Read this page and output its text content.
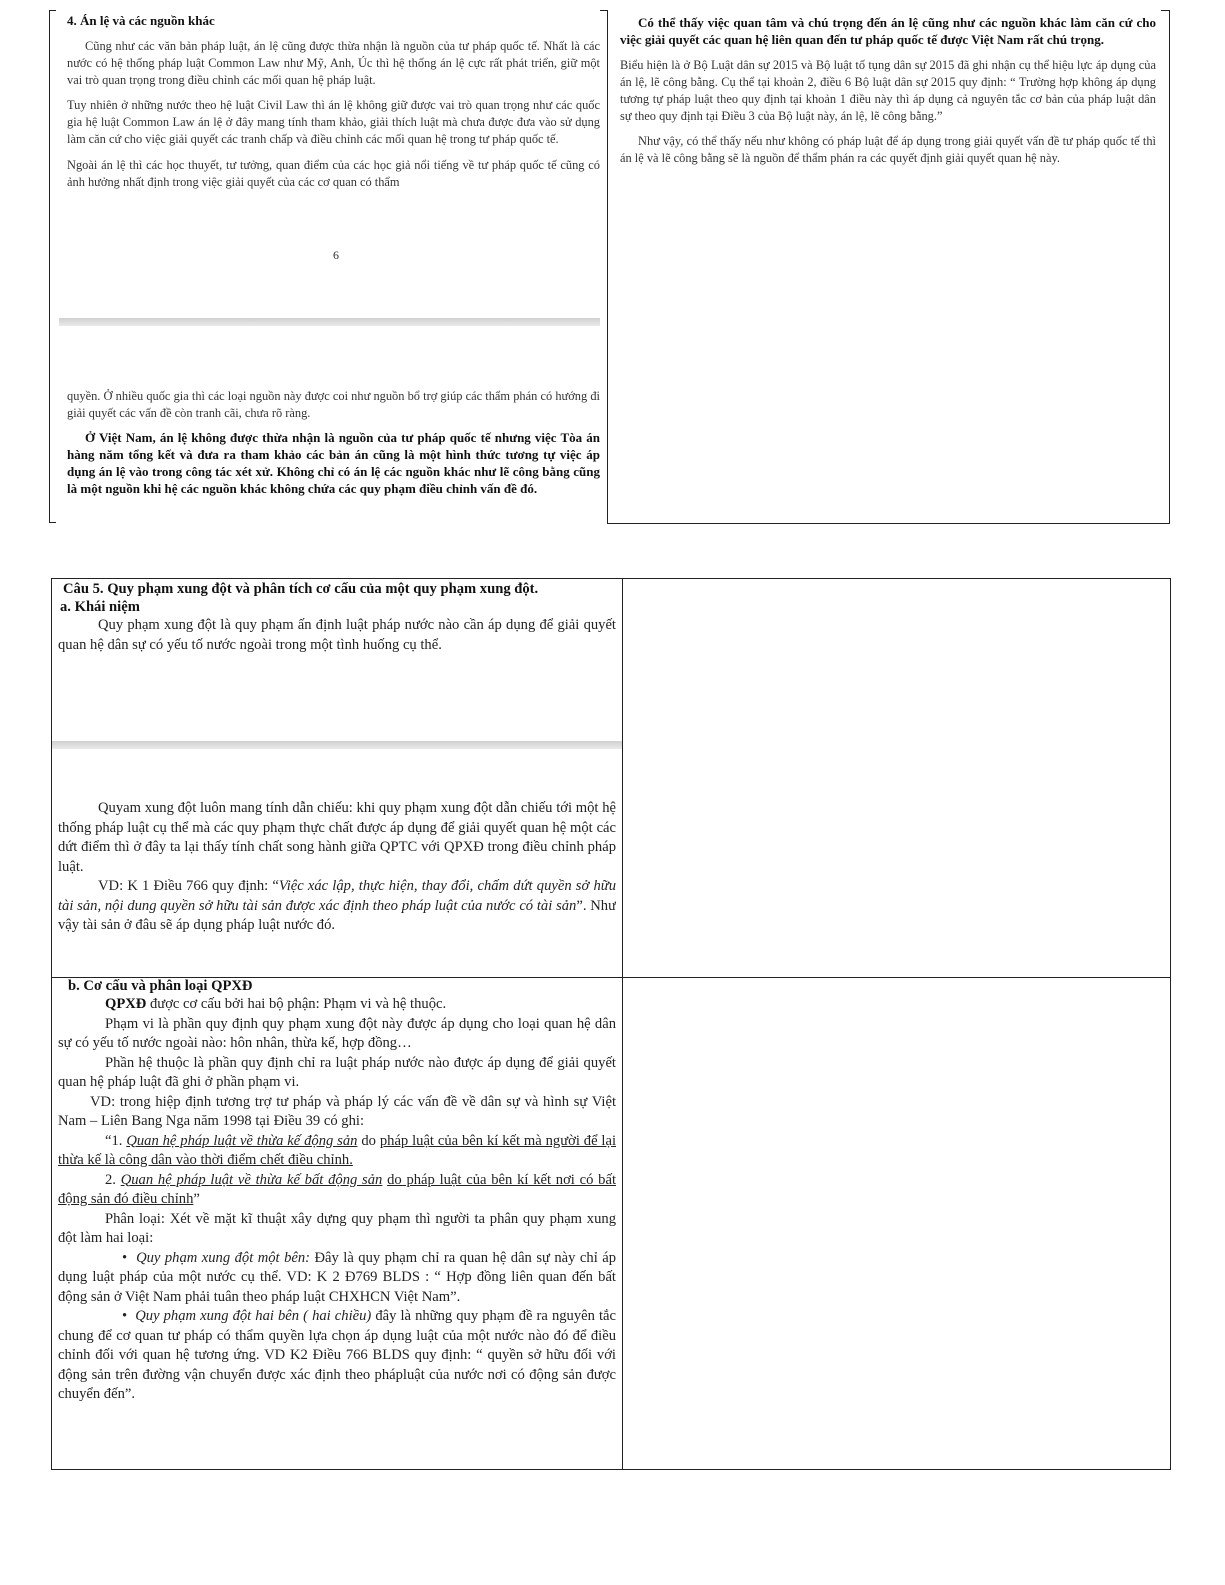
4. Án lệ và các nguồn khác

Cũng như các văn bản pháp luật, án lệ cũng được thừa nhận là nguồn của tư pháp quốc tế. Nhất là các nước có hệ thống pháp luật Common Law như Mỹ, Anh, Úc thì hệ thống án lệ cực rất phát triển, giữ một vai trò quan trọng trong điều chỉnh các mối quan hệ pháp luật.

Tuy nhiên ở những nước theo hệ luật Civil Law thì án lệ không giữ được vai trò quan trọng như các quốc gia hệ luật Common Law án lệ ở đây mang tính tham khảo, giải thích luật mà chưa được đưa vào sử dụng làm căn cứ cho việc giải quyết các tranh chấp và điều chỉnh các mối quan hệ trong tư pháp quốc tế.

Ngoài án lệ thì các học thuyết, tư tưởng, quan điểm của các học giả nổi tiếng về tư pháp quốc tế cũng có ảnh hưởng nhất định trong việc giải quyết của các cơ quan có thẩm

6

quyền. Ở nhiều quốc gia thì các loại nguồn này được coi như nguồn bổ trợ giúp các thẩm phán có hướng đi giải quyết các vấn đề còn tranh cãi, chưa rõ ràng.

Ở Việt Nam, án lệ không được thừa nhận là nguồn của tư pháp quốc tế nhưng việc Tòa án hàng năm tổng kết và đưa ra tham khảo các bản án cũng là một hình thức tương tự việc áp dụng án lệ vào trong công tác xét xử. Không chỉ có án lệ các nguồn khác như lẽ công bằng cũng là một nguồn khi hệ các nguồn khác không chứa các quy phạm điều chỉnh vấn đề đó.

Có thể thấy việc quan tâm và chú trọng đến án lệ cũng như các nguồn khác làm căn cứ cho việc giải quyết các quan hệ liên quan đến tư pháp quốc tế được Việt Nam rất chú trọng.

Biểu hiện là ở Bộ Luật dân sự 2015 và Bộ luật tố tụng dân sự 2015 đã ghi nhận cụ thể hiệu lực áp dụng của án lệ, lẽ công bằng. Cụ thể tại khoản 2, điều 6 Bộ luật dân sự 2015 quy định: “ Trường hợp không áp dụng tương tự pháp luật theo quy định tại khoản 1 điều này thì áp dụng cả nguyên tắc cơ bản của pháp luật dân sự theo quy định tại Điều 3 của Bộ luật này, án lệ, lẽ công bằng.”

Như vậy, có thể thấy nếu như không có pháp luật để áp dụng trong giải quyết vấn đề tư pháp quốc tế thì án lệ và lẽ công bằng sẽ là nguồn để thẩm phán ra các quyết định giải quyết quan hệ này.

Câu 5. Quy phạm xung đột và phân tích cơ cấu của một quy phạm xung đột.

a. Khái niệm

Quy phạm xung đột là quy phạm ấn định luật pháp nước nào cần áp dụng để giải quyết quan hệ dân sự có yếu tố nước ngoài trong một tình huống cụ thể.

Quyam xung đột luôn mang tính dẫn chiếu: khi quy phạm xung đột dẫn chiếu tới một hệ thống pháp luật cụ thể mà các quy phạm thực chất được áp dụng để giải quyết quan hệ một các dứt điểm thì ở đây ta lại thấy tính chất song hành giữa QPTC với QPXĐ trong điều chỉnh pháp luật.

VD: K 1 Điều 766 quy định: “Việc xác lập, thực hiện, thay đổi, chấm dứt quyền sở hữu tài sản, nội dung quyền sở hữu tài sản được xác định theo pháp luật của nước có tài sản”. Như vậy tài sản ở đâu sẽ áp dụng pháp luật nước đó.

b. Cơ cấu và phân loại QPXĐ

QPXĐ được cơ cấu bởi hai bộ phận: Phạm vi và hệ thuộc.

Phạm vi là phần quy định quy phạm xung đột này được áp dụng cho loại quan hệ dân sự có yếu tố nước ngoài nào: hôn nhân, thừa kế, hợp đồng…

Phần hệ thuộc là phần quy định chỉ ra luật pháp nước nào được áp dụng để giải quyết quan hệ pháp luật đã ghi ở phần phạm vi.

VD: trong hiệp định tương trợ tư pháp và pháp lý các vấn đề về dân sự và hình sự Việt Nam – Liên Bang Nga năm 1998 tại Điều 39 có ghi:

“1. Quan hệ pháp luật về thừa kế động sản do pháp luật của bên kí kết mà người để lại thừa kế là công dân vào thời điểm chết điều chỉnh.

2. Quan hệ pháp luật về thừa kế bất động sản do pháp luật của bên kí kết nơi có bất động sản đó điều chỉnh”

Phân loại: Xét về mặt kĩ thuật xây dựng quy phạm thì người ta phân quy phạm xung đột làm hai loại:

• Quy phạm xung đột một bên: Đây là quy phạm chỉ ra quan hệ dân sự này chỉ áp dụng luật pháp của một nước cụ thể. VD: K 2 Đ769 BLDS : “ Hợp đồng liên quan đến bất động sản ở Việt Nam phải tuân theo pháp luật CHXHCN Việt Nam”.

• Quy phạm xung đột hai bên ( hai chiều) đây là những quy phạm đề ra nguyên tắc chung để cơ quan tư pháp có thẩm quyền lựa chọn áp dụng luật của một nước nào đó để điều chỉnh đối với quan hệ tương ứng. VD K2 Điều 766 BLDS quy định: “ quyền sở hữu đối với động sản trên đường vận chuyển được xác định theo phápluật của nước nơi có động sản được chuyển đến”.
